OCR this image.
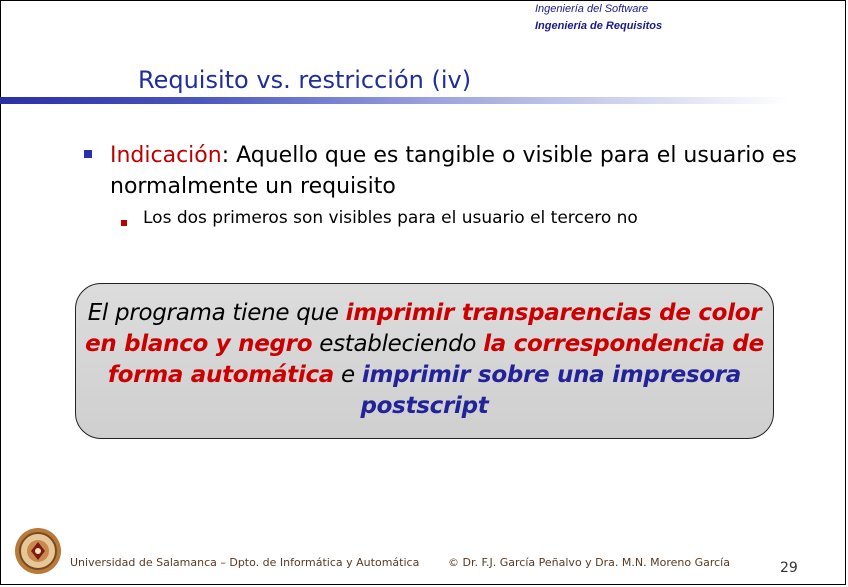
Ingeniería del Software
Ingeniería de Requisitos
Requisito vs. restricción (iv)
Indicación: Aquello que es tangible o visible para el usuario es normalmente un requisito
Los dos primeros son visibles para el usuario el tercero no
El programa tiene que imprimir transparencias de color en blanco y negro estableciendo la correspondencia de forma automática e imprimir sobre una impresora postscript
Universidad de Salamanca – Dpto. de Informática y Automática	© Dr. F.J. García Peñalvo y Dra. M.N. Moreno García	29
